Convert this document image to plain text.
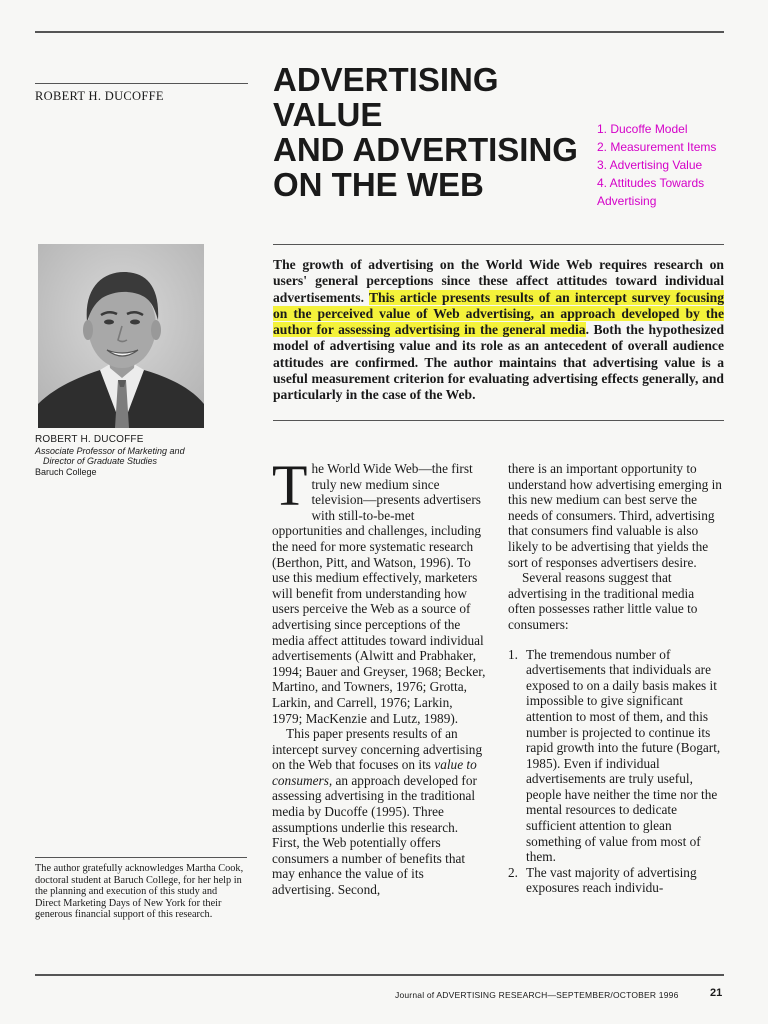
ROBERT H. DUCOFFE	ADVERTISING VALUE
AND ADVERTISING
ON THE WEB
1. Ducoffe Model
2. Measurement Items
3. Advertising Value
4. Attitudes Towards
Advertising
ROBERT H. DUCOFFE
Associate Professor of Marketing and
Director of Graduate Studies
Baruch College
The growth of advertising on the World Wide Web requires research on users' general perceptions since these affect attitudes toward individual advertisements. This article presents results of an intercept survey focusing on the perceived value of Web advertising, an approach developed by the author for assessing advertising in the general media. Both the hypothesized model of advertising value and its role as an antecedent of overall audience attitudes are confirmed. The author maintains that advertising value is a useful measurement criterion for evaluating advertising effects generally, and particularly in the case of the Web.

The World Wide Web—the first truly new medium since television—presents advertisers with still-to-be-met opportunities and challenges, including the need for more systematic research (Berthon, Pitt, and Watson, 1996). To use this medium effectively, marketers will benefit from understanding how users perceive the Web as a source of advertising since perceptions of the media affect attitudes toward individual advertisements (Alwitt and Prabhaker, 1994; Bauer and Greyser, 1968; Becker, Martino, and Towners, 1976; Grotta, Larkin, and Carrell, 1976; Larkin, 1979; MacKenzie and Lutz, 1989).

This paper presents results of an intercept survey concerning advertising on the Web that focuses on its value to consumers, an approach developed for assessing advertising in the traditional media by Ducoffe (1995). Three assumptions underlie this research. First, the Web potentially offers consumers a number of benefits that may enhance the value of its advertising. Second,

there is an important opportunity to understand how advertising emerging in this new medium can best serve the needs of consumers. Third, advertising that consumers find valuable is also likely to be advertising that yields the sort of responses advertisers desire.

Several reasons suggest that advertising in the traditional media often possesses rather little value to consumers:

1. The tremendous number of advertisements that individuals are exposed to on a daily basis makes it impossible to give significant attention to most of them, and this number is projected to continue its rapid growth into the future (Bogart, 1985). Even if individual advertisements are truly useful, people have neither the time nor the mental resources to dedicate sufficient attention to glean something of value from most of them.
2. The vast majority of advertising exposures reach individu-
The author gratefully acknowledges Martha Cook, doctoral student at Baruch College, for her help in the planning and execution of this study and Direct Marketing Days of New York for their generous financial support of this research.
Journal of ADVERTISING RESEARCH—SEPTEMBER/OCTOBER 1996	21
